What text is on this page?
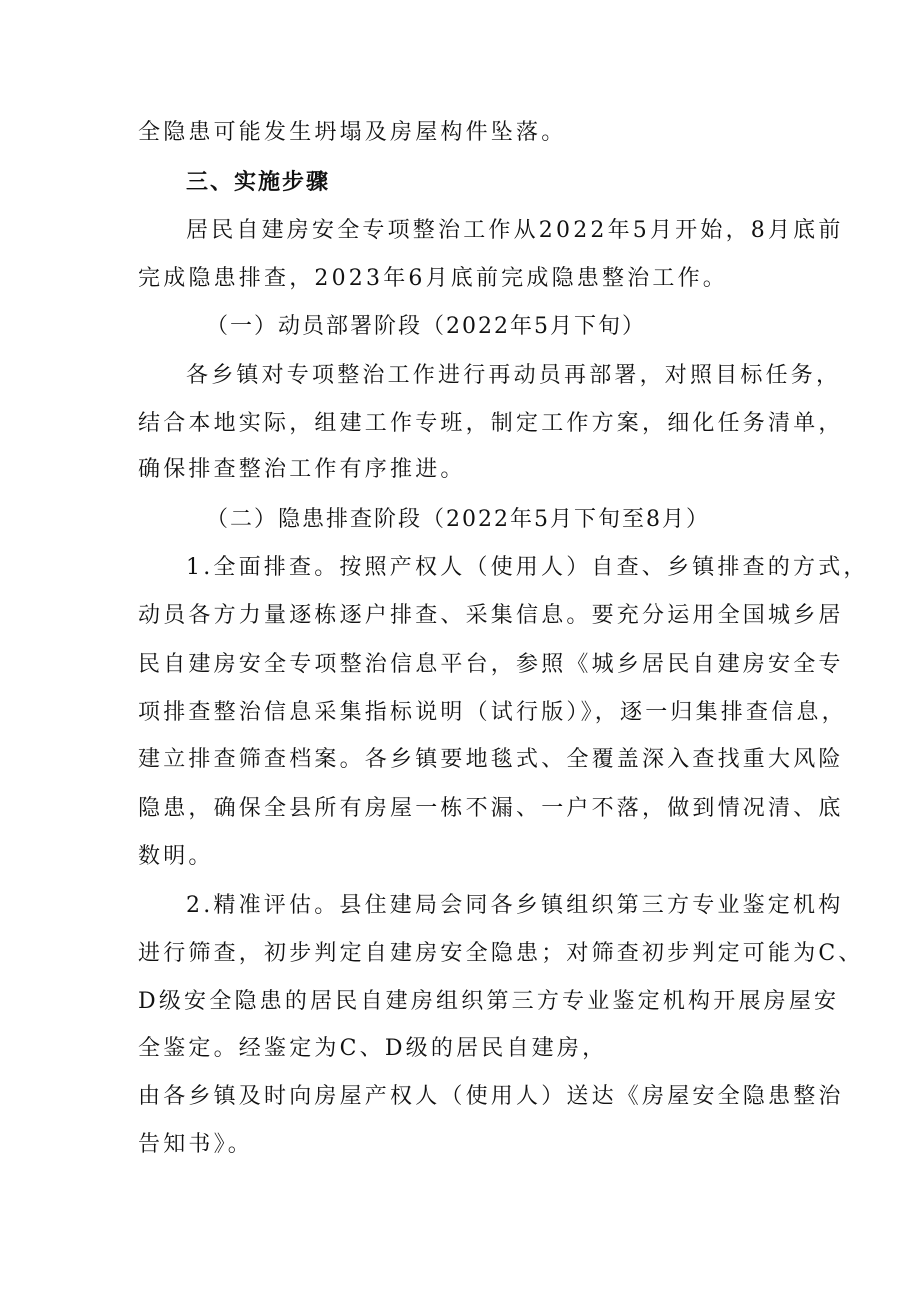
全隐患可能发生坍塌及房屋构件坠落。
三、实施步骤
居民自建房安全专项整治工作从2022年5月开始，8月底前
完成隐患排查，2023年6月底前完成隐患整治工作。
（一）动员部署阶段（2022年5月下旬）
各乡镇对专项整治工作进行再动员再部署，对照目标任务，
结合本地实际，组建工作专班，制定工作方案，细化任务清单，
确保排查整治工作有序推进。
（二）隐患排查阶段（2022年5月下旬至8月）
1.全面排查。按照产权人（使用人）自查、乡镇排查的方式，
动员各方力量逐栋逐户排查、采集信息。要充分运用全国城乡居
民自建房安全专项整治信息平台，参照《城乡居民自建房安全专
项排查整治信息采集指标说明（试行版）》，逐一归集排查信息，
建立排查筛查档案。各乡镇要地毯式、全覆盖深入查找重大风险
隐患，确保全县所有房屋一栋不漏、一户不落，做到情况清、底
数明。
2.精准评估。县住建局会同各乡镇组织第三方专业鉴定机构
进行筛查，初步判定自建房安全隐患；对筛查初步判定可能为C、
D级安全隐患的居民自建房组织第三方专业鉴定机构开展房屋安
全鉴定。经鉴定为C、D级的居民自建房，
由各乡镇及时向房屋产权人（使用人）送达《房屋安全隐患整治
告知书》。
